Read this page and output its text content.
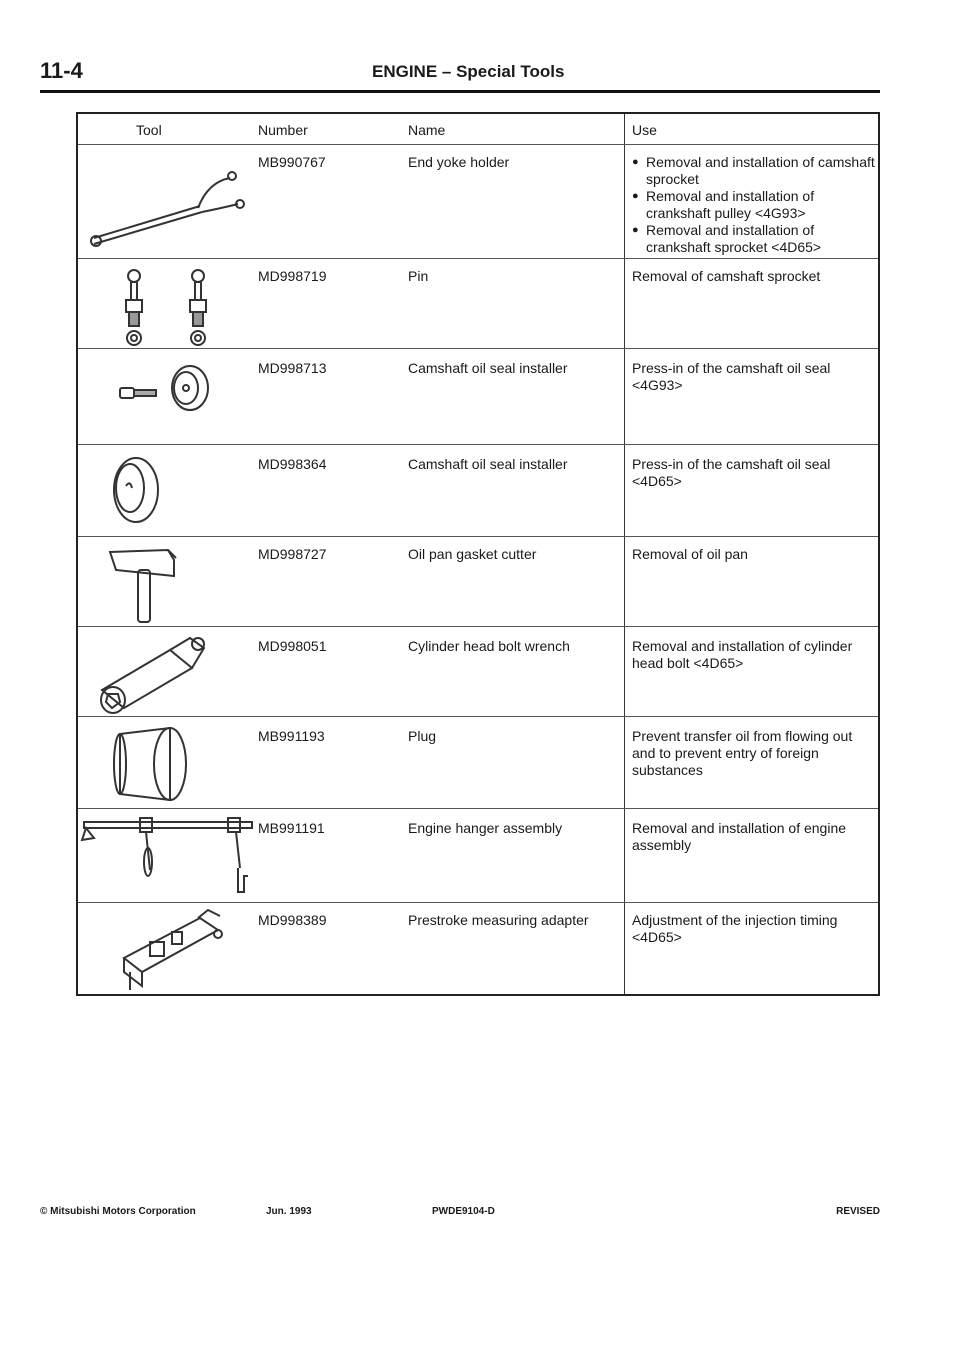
11-4	ENGINE – Special Tools
Tool	Number	Name	Use
MB990767	End yoke holder
●	Removal and installation of camshaft sprocket
● Removal and installation of crankshaft pulley <4G93>
● Removal and installation of crankshaft sprocket <4D65>
MD998719	Pin	Removal of camshaft sprocket
MD998713	Camshaft oil seal installer	Press-in of the camshaft oil seal <4G93>
MD998364	Camshaft oil seal installer	Press-in of the camshaft oil seal <4D65>
MD998727	Oil pan gasket cutter	Removal of oil pan
MD998051	Cylinder head bolt wrench	Removal and installation of cylinder head bolt <4D65>
MB991193	Plug	Prevent transfer oil from flowing out and to prevent entry of foreign substances
MB991191	Engine hanger assembly	Removal and installation of engine assembly
MD998389	Prestroke measuring adapter	Adjustment of the injection timing <4D65>
© Mitsubishi Motors Corporation	Jun. 1993	PWDE9104-D	REVISED
